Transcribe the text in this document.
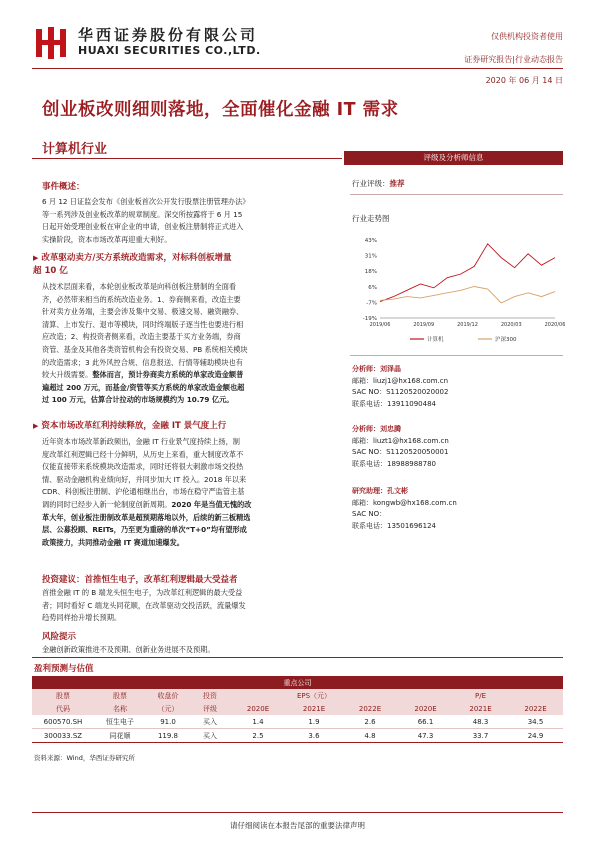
华西证券股份有限公司
HUAXI SECURITIES CO.,LTD.
仅供机构投资者使用
证券研究报告|行业动态报告
2020 年 06 月 14 日
创业板改则细则落地，全面催化金融 IT 需求
计算机行业
事件概述：
6 月 12 日证监会发布《创业板首次公开发行股票注册管理办法》
等一系列涉及创业板改革的规章制度。深交所按露将于 6 月 15
日起开始受理创业板在审企业的申请，创业板注册制将正式进入
实操阶段，资本市场改革再迎重大利好。
▶ 改革驱动卖方/买方系统改造需求，对标科创板增量
超 10 亿
从技术层面来看，本轮创业板改革是向科创板注册制的全面看
齐，必然带来相当的系统改造业务。1、券商侧来看，改造主要
针对卖方业务端，主要会涉及集中交易、极速交易、融资融券、
清算、上市发行、退市等模块，同时终端版子逐当性也要进行相
应改造；2、构投资者侧来看，改造主要基于买方业务端，券商
资管、基金及其他各类资管机构会有投资交易、PB 系统相关模块
的改造需求；3 此外风控合规、信息报送、行情等辅助模块也有
较大升级需要。整体而言，预计券商卖方系统的单家改造金额普
遍超过 200 万元，而基金/资管等买方系统的单家改造金额也超
过 100 万元，估算合计拉动的市场规模约为 10.79 亿元。
▶ 资本市场改革红利持续释放，金融 IT 景气度上行
近年资本市场改革新政频出，金融 IT 行业景气度持续上扬，制
度改革红利逻辑已经十分鲜明，从历史上来看，重大制度改革不
仅能直接带来系统模块改造需求，同时还将很大刺激市场交投热
情、驱动金融机构业绩向好，并同步加大 IT 投入。2018 年以来
CDR、科创板注册制、沪伦通相继出台，市场在稳守严监管主基
调的同时已经步入新一轮制度创新周期。2020 年是当值无愧的改
革大年，创业板注册制改革是超预期落地以外，后续的新三板精选
层、公募投顾、REITs，乃至更为重磅的单次“T+0”均有望形成
政策接力，共同推动金融 IT 赛道加速爆发。
投资建议：首推恒生电子，改革红利逻辑最大受益者
首推金融 IT 的 B 端龙头恒生电子，为改革红利逻辑的最大受益
者；同时看好 C 端龙头同花顺，在改革驱动交投活跃，流量爆发
趋势同样抬升增长预期。
风险提示
金融创新政策推进不及预期、创新业务进展不及预期。
评级及分析师信息
行业评级：推荐
行业走势图
-19%
-7%
6%
18%
31%
43%
2019/06	2019/09	2019/12	2020/03	2020/06
计算机	沪深300
分析师：刘泽晶
邮箱：liuzj1@hx168.com.cn
SAC NO：S1120520020002
联系电话：13911090484
分析师：刘忠腾
邮箱：liuzt1@hx168.com.cn
SAC NO：S1120520050001
联系电话：18988988780
研究助理：孔文彬
邮箱：kongwb@hx168.com.cn
SAC NO：
联系电话：13501696124
盈利预测与估值
重点公司									
股票	股票	收盘价	投资	EPS（元）			P/E		
代码	名称	（元）	评级	2020E	2021E	2022E	2020E	2021E	2022E
600570.SH	恒生电子	91.0	买入	1.4	1.9	2.6	66.1	48.3	34.5
300033.SZ	同花顺	119.8	买入	2.5	3.6	4.8	47.3	33.7	24.9
资料来源：Wind，华西证券研究所
请仔细阅读在本报告尾部的重要法律声明
